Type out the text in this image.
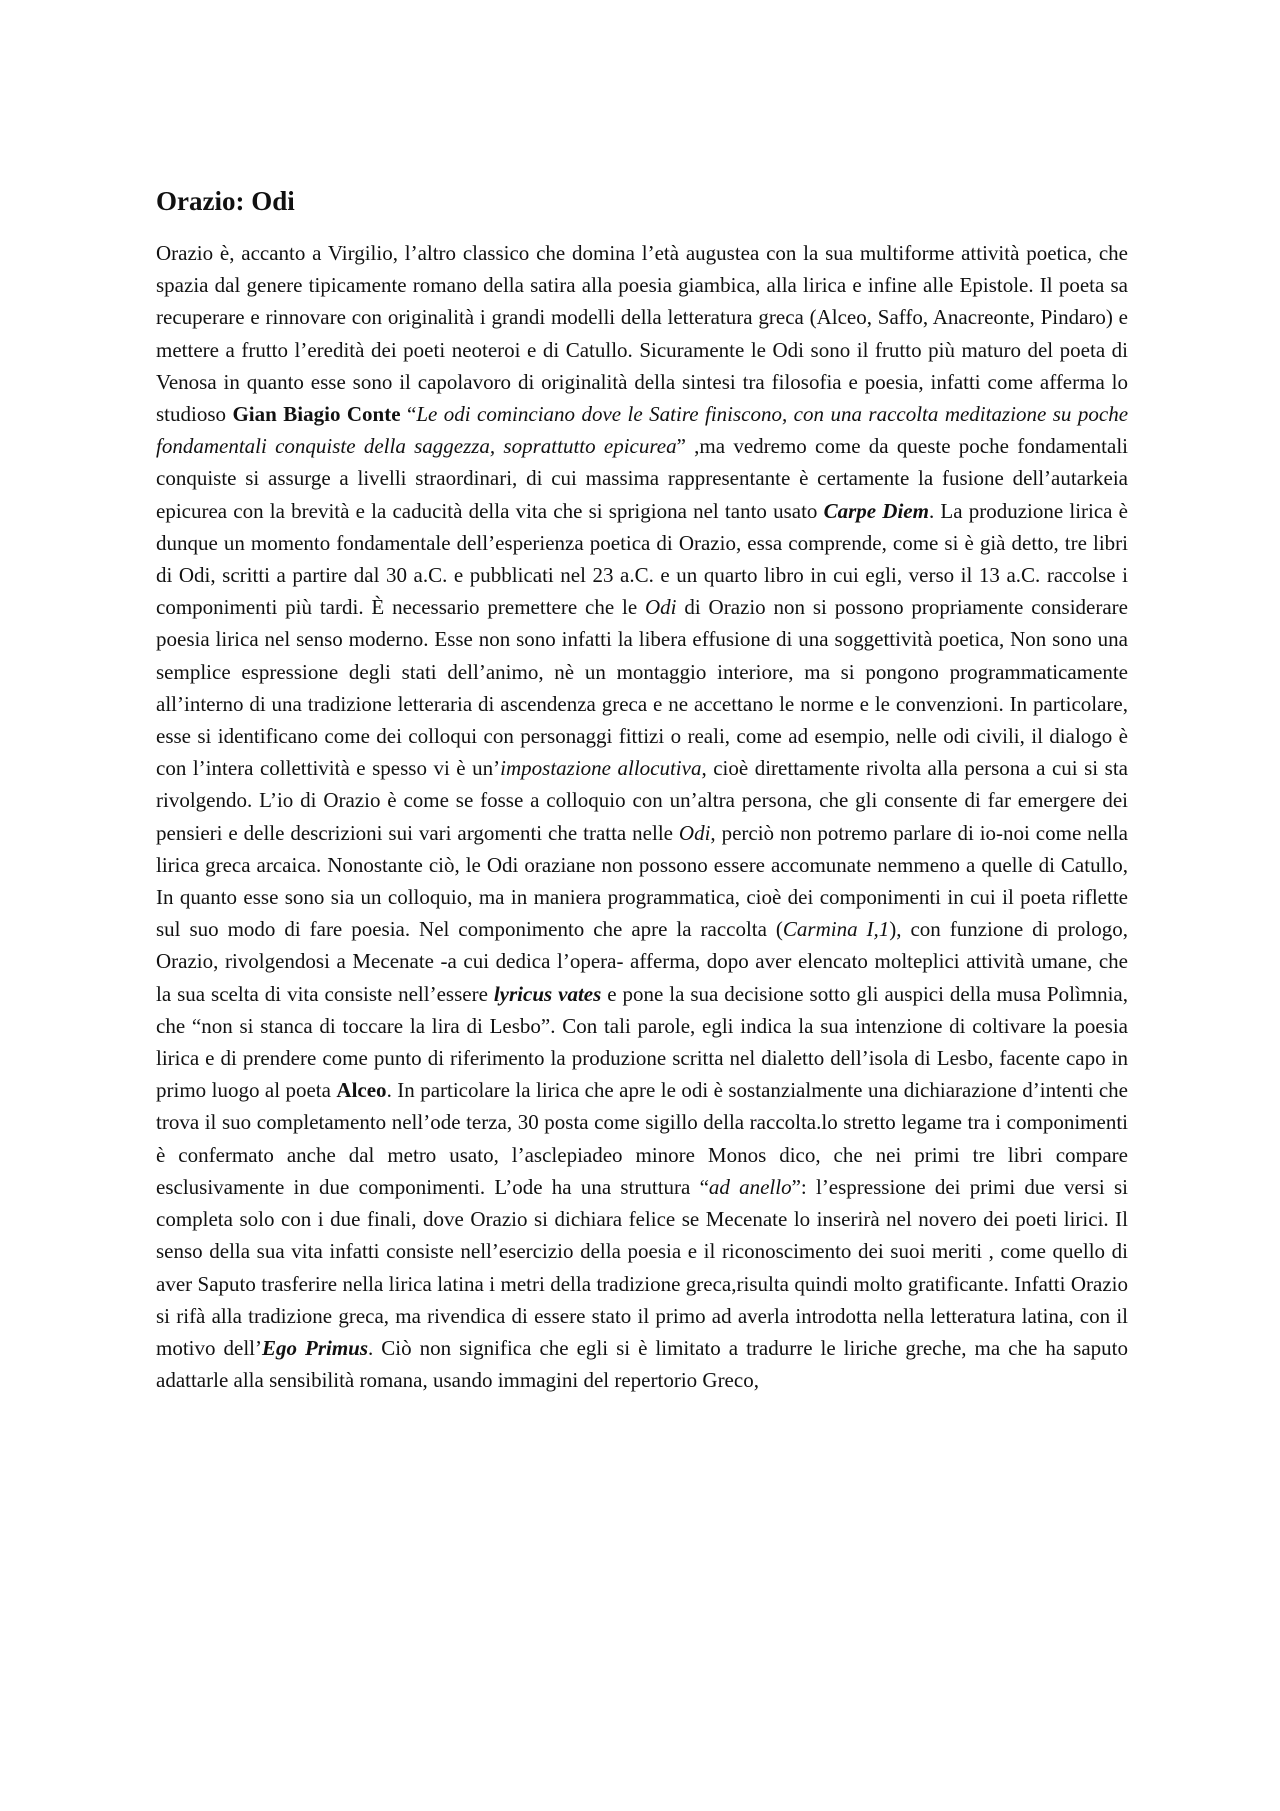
Orazio: Odi

Orazio è, accanto a Virgilio, l’altro classico che domina l’età augustea con la sua multiforme attività poetica, che spazia dal genere tipicamente romano della satira alla poesia giambica, alla lirica e infine alle Epistole. Il poeta sa recuperare e rinnovare con originalità i grandi modelli della letteratura greca (Alceo, Saffo, Anacreonte, Pindaro) e mettere a frutto l’eredità dei poeti neoteroi e di Catullo. Sicuramente le Odi sono il frutto più maturo del poeta di Venosa in quanto esse sono il capolavoro di originalità della sintesi tra filosofia e poesia, infatti come afferma lo studioso Gian Biagio Conte “Le odi cominciano dove le Satire finiscono, con una raccolta meditazione su poche fondamentali conquiste della saggezza, soprattutto epicurea” ,ma vedremo come da queste poche fondamentali conquiste si assurge a livelli straordinari, di cui massima rappresentante è certamente la fusione dell’autarkeia epicurea con la brevità e la caducità della vita che si sprigiona nel tanto usato Carpe Diem. La produzione lirica è dunque un momento fondamentale dell’esperienza poetica di Orazio, essa comprende, come si è già detto, tre libri di Odi, scritti a partire dal 30 a.C. e pubblicati nel 23 a.C. e un quarto libro in cui egli, verso il 13 a.C. raccolse i componimenti più tardi. È necessario premettere che le Odi di Orazio non si possono propriamente considerare poesia lirica nel senso moderno. Esse non sono infatti la libera effusione di una soggettività poetica, Non sono una semplice espressione degli stati dell’animo, nè un montaggio interiore, ma si pongono programmaticamente all’interno di una tradizione letteraria di ascendenza greca e ne accettano le norme e le convenzioni. In particolare, esse si identificano come dei colloqui con personaggi fittizi o reali, come ad esempio, nelle odi civili, il dialogo è con l’intera collettività e spesso vi è un’impostazione allocutiva, cioè direttamente rivolta alla persona a cui si sta rivolgendo. L’io di Orazio è come se fosse a colloquio con un’altra persona, che gli consente di far emergere dei pensieri e delle descrizioni sui vari argomenti che tratta nelle Odi, perciò non potremo parlare di io-noi come nella lirica greca arcaica. Nonostante ciò, le Odi oraziane non possono essere accomunate nemmeno a quelle di Catullo, In quanto esse sono sia un colloquio, ma in maniera programmatica, cioè dei componimenti in cui il poeta riflette sul suo modo di fare poesia. Nel componimento che apre la raccolta (Carmina I,1), con funzione di prologo, Orazio, rivolgendosi a Mecenate -a cui dedica l’opera- afferma, dopo aver elencato molteplici attività umane, che la sua scelta di vita consiste nell’essere lyricus vates e pone la sua decisione sotto gli auspici della musa Polìmnia, che “non si stanca di toccare la lira di Lesbo”. Con tali parole, egli indica la sua intenzione di coltivare la poesia lirica e di prendere come punto di riferimento la produzione scritta nel dialetto dell’isola di Lesbo, facente capo in primo luogo al poeta Alceo. In particolare la lirica che apre le odi è sostanzialmente una dichiarazione d’intenti che trova il suo completamento nell’ode terza, 30 posta come sigillo della raccolta.lo stretto legame tra i componimenti è confermato anche dal metro usato, l’asclepiadeo minore Monos dico, che nei primi tre libri compare esclusivamente in due componimenti. L’ode ha una struttura “ad anello”: l’espressione dei primi due versi si completa solo con i due finali, dove Orazio si dichiara felice se Mecenate lo inserirà nel novero dei poeti lirici. Il senso della sua vita infatti consiste nell’esercizio della poesia e il riconoscimento dei suoi meriti , come quello di aver Saputo trasferire nella lirica latina i metri della tradizione greca,risulta quindi molto gratificante. Infatti Orazio si rifà alla tradizione greca, ma rivendica di essere stato il primo ad averla introdotta nella letteratura latina, con il motivo dell’Ego Primus. Ciò non significa che egli si è limitato a tradurre le liriche greche, ma che ha saputo adattarle alla sensibilità romana, usando immagini del repertorio Greco,
